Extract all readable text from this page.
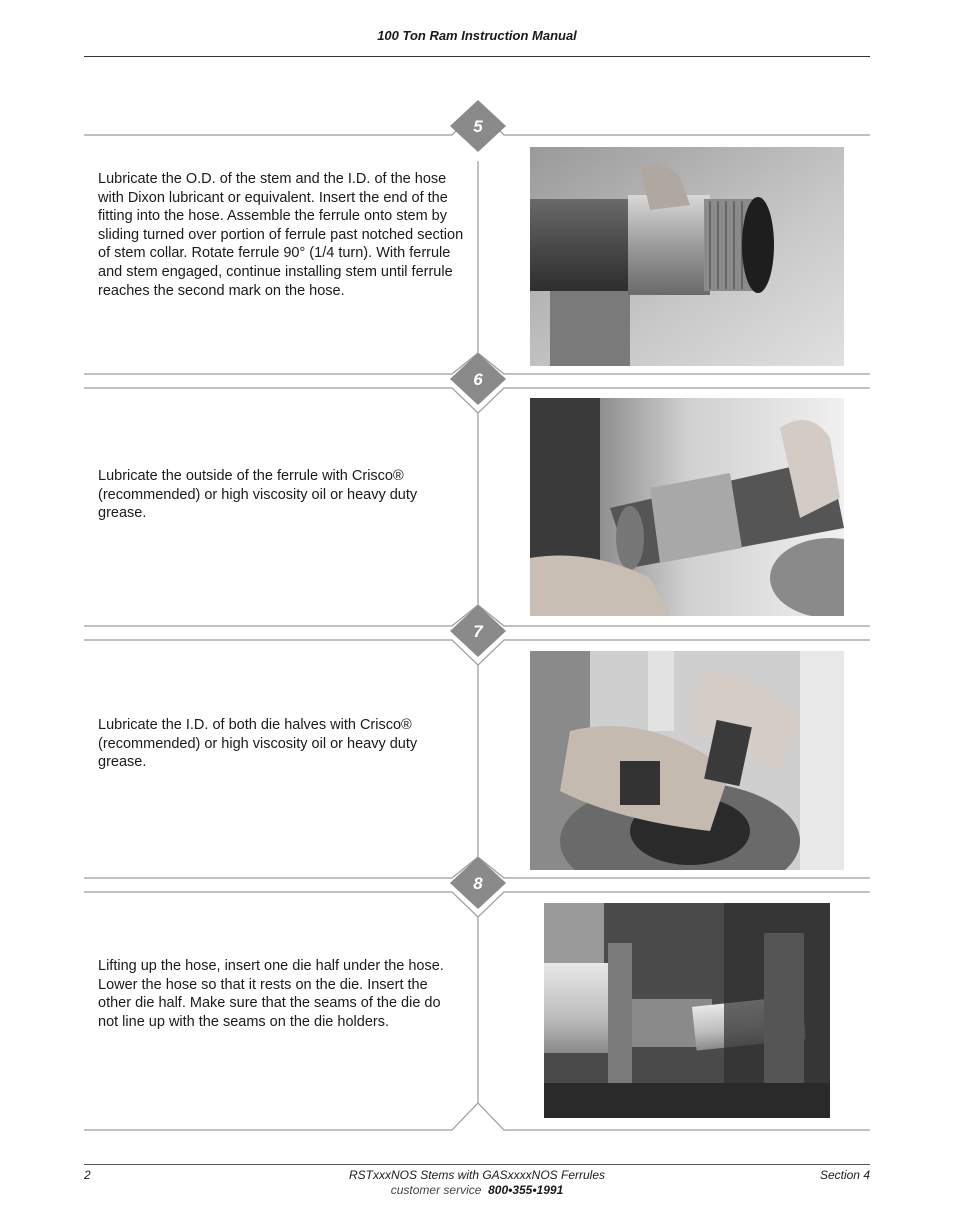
100 Ton Ram Instruction Manual
5
6
7
8
Lubricate the O.D. of the stem and the I.D. of the hose with Dixon lubricant or equivalent. Insert the end of the fitting into the hose. Assemble the ferrule onto stem by sliding turned over portion of ferrule past notched section of stem collar. Rotate ferrule 90° (1/4 turn). With ferrule and stem engaged, continue installing stem until ferrule reaches the second mark on the hose.
Lubricate the outside of the ferrule with Crisco® (recommended) or high viscosity oil or heavy duty grease.
Lubricate the I.D. of both die halves with Crisco® (recommended) or high viscosity oil or heavy duty grease.
Lifting up the hose, insert one die half under the hose. Lower the hose so that it rests on the die. Insert the other die half. Make sure that the seams of the die do not line up with the seams on the die holders.
2	RSTxxxNOS Stems with GASxxxxNOS Ferrules	Section 4
customer service 800•355•1991
